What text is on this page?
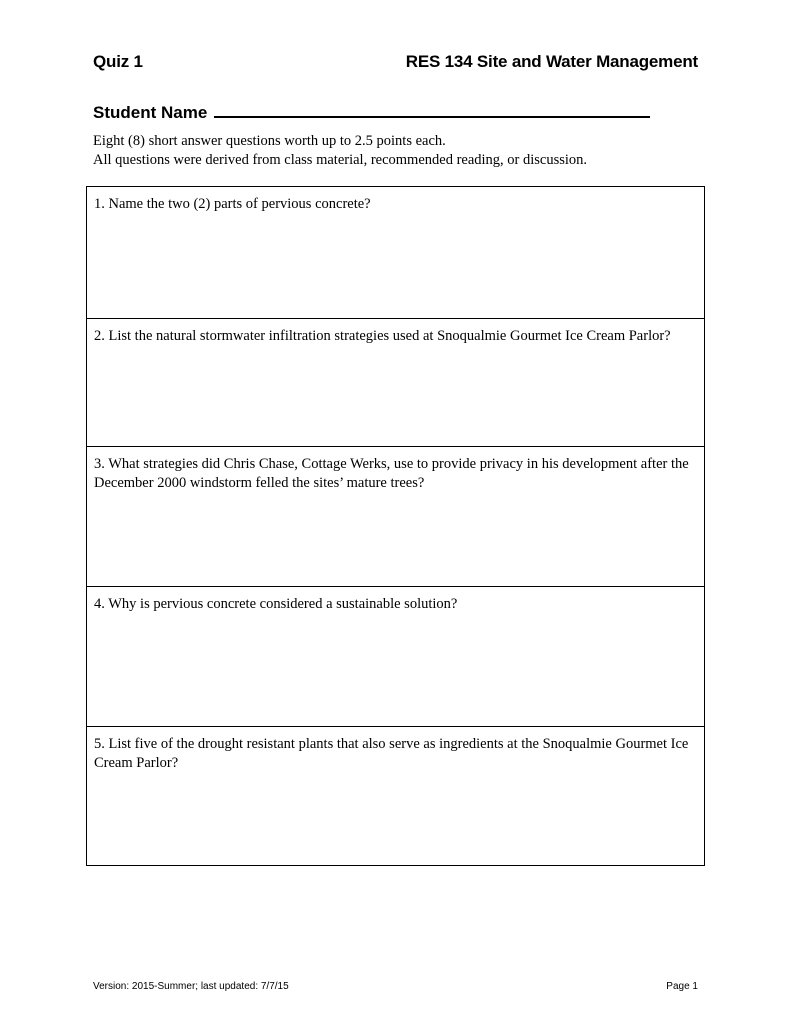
Quiz 1	RES 134 Site and Water Management
Student Name

Eight (8) short answer questions worth up to 2.5 points each.

All questions were derived from class material, recommended reading, or discussion.

1. Name the two (2) parts of pervious concrete?

2. List the natural stormwater infiltration strategies used at Snoqualmie Gourmet Ice Cream Parlor?

3. What strategies did Chris Chase, Cottage Werks, use to provide privacy in his development after the December 2000 windstorm felled the sites’ mature trees?

4. Why is pervious concrete considered a sustainable solution?

5. List five of the drought resistant plants that also serve as ingredients at the Snoqualmie Gourmet Ice Cream Parlor?

Version: 2015-Summer; last updated: 7/7/15	Page 1
